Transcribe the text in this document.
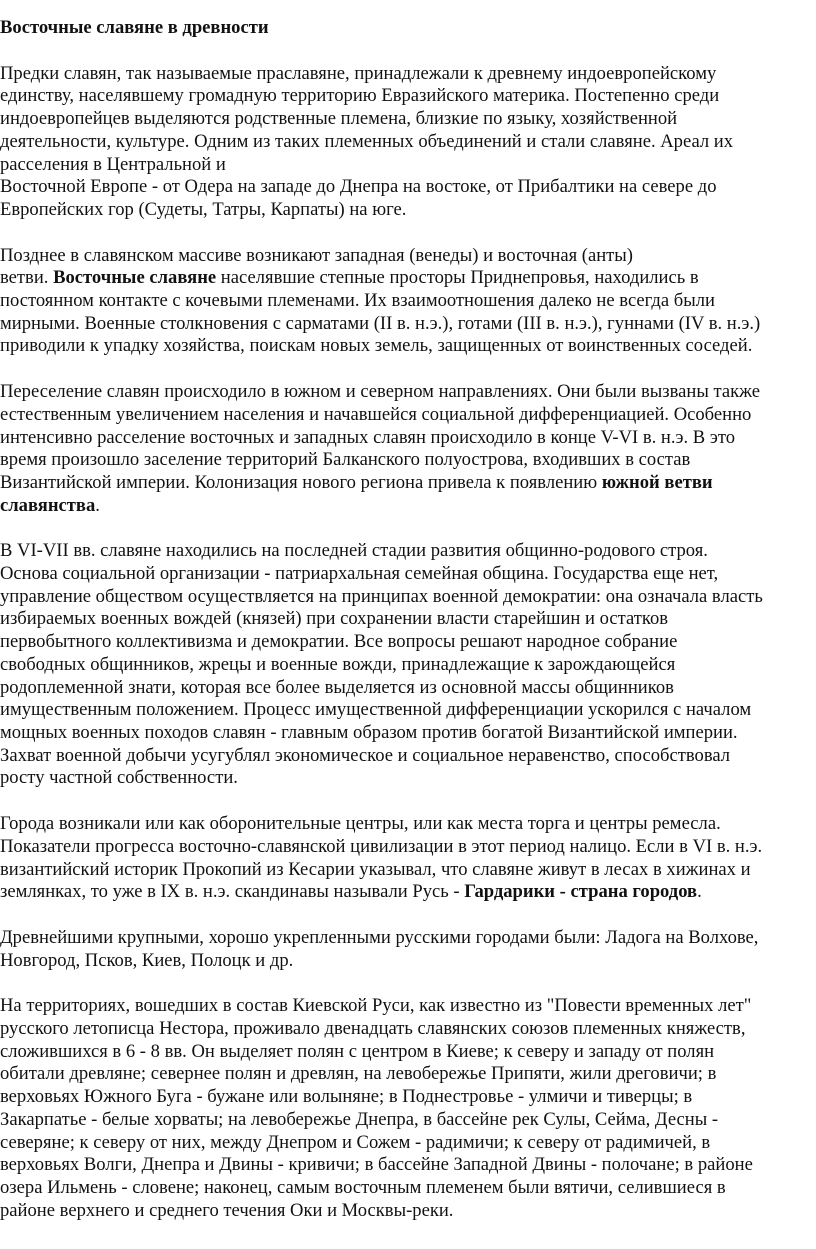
Восточные славяне в древности
Предки славян, так называемые праславяне, принадлежали к древнему индоевропейскому
единству, населявшему громадную территорию Евразийского материка. Постепенно среди
индоевропейцев выделяются родственные племена, близкие по языку, хозяйственной
деятельности, культуре. Одним из таких племенных объединений и стали славяне. Ареал их
расселения в Центральной и
Восточной Европе - от Одера на западе до Днепра на востоке, от Прибалтики на севере до
Европейских гор (Судеты, Татры, Карпаты) на юге.
Позднее в славянском массиве возникают западная (венеды) и восточная (анты)
ветви. Восточные славяне населявшие степные просторы Приднепровья, находились в
постоянном контакте с кочевыми племенами. Их взаимоотношения далеко не всегда были
мирными. Военные столкновения с сарматами (II в. н.э.), готами (III в. н.э.), гуннами (IV в. н.э.)
приводили к упадку хозяйства, поискам новых земель, защищенных от воинственных соседей.
Переселение славян происходило в южном и северном направлениях. Они были вызваны также
естественным увеличением населения и начавшейся социальной дифференциацией. Особенно
интенсивно расселение восточных и западных славян происходило в конце V-VI в. н.э. В это
время произошло заселение территорий Балканского полуострова, входивших в состав
Византийской империи. Колонизация нового региона привела к появлению южной ветви
славянства.
В VI-VII вв. славяне находились на последней стадии развития общинно-родового строя.
Основа социальной организации - патриархальная семейная община. Государства еще нет,
управление обществом осуществляется на принципах военной демократии: она означала власть
избираемых военных вождей (князей) при сохранении власти старейшин и остатков
первобытного коллективизма и демократии. Все вопросы решают народное собрание
свободных общинников, жрецы и военные вожди, принадлежащие к зарождающейся
родоплеменной знати, которая все более выделяется из основной массы общинников
имущественным положением. Процесс имущественной дифференциации ускорился с началом
мощных военных походов славян - главным образом против богатой Византийской империи.
Захват военной добычи усугублял экономическое и социальное неравенство, способствовал
росту частной собственности.
Города возникали или как оборонительные центры, или как места торга и центры ремесла.
Показатели прогресса восточно-славянской цивилизации в этот период налицо. Если в VI в. н.э.
византийский историк Прокопий из Кесарии указывал, что славяне живут в лесах в хижинах и
землянках, то уже в IX в. н.э. скандинавы называли Русь - Гардарики - страна городов.
Древнейшими крупными, хорошо укрепленными русскими городами были: Ладога на Волхове,
Новгород, Псков, Киев, Полоцк и др.
На территориях, вошедших в состав Киевской Руси, как известно из "Повести временных лет"
русского летописца Нестора, проживало двенадцать славянских союзов племенных княжеств,
сложившихся в 6 - 8 вв. Он выделяет полян с центром в Киеве; к северу и западу от полян
обитали древляне; севернее полян и древлян, на левобережье Припяти, жили дреговичи; в
верховьях Южного Буга - бужане или волыняне; в Поднестровье - улмичи и тиверцы; в
Закарпатье - белые хорваты; на левобережье Днепра, в бассейне рек Сулы, Сейма, Десны -
северяне; к северу от них, между Днепром и Сожем - радимичи; к северу от радимичей, в
верховьях Волги, Днепра и Двины - кривичи; в бассейне Западной Двины - полочане; в районе
озера Ильмень - словене; наконец, самым восточным племенем были вятичи, селившиеся в
районе верхнего и среднего течения Оки и Москвы-реки.
